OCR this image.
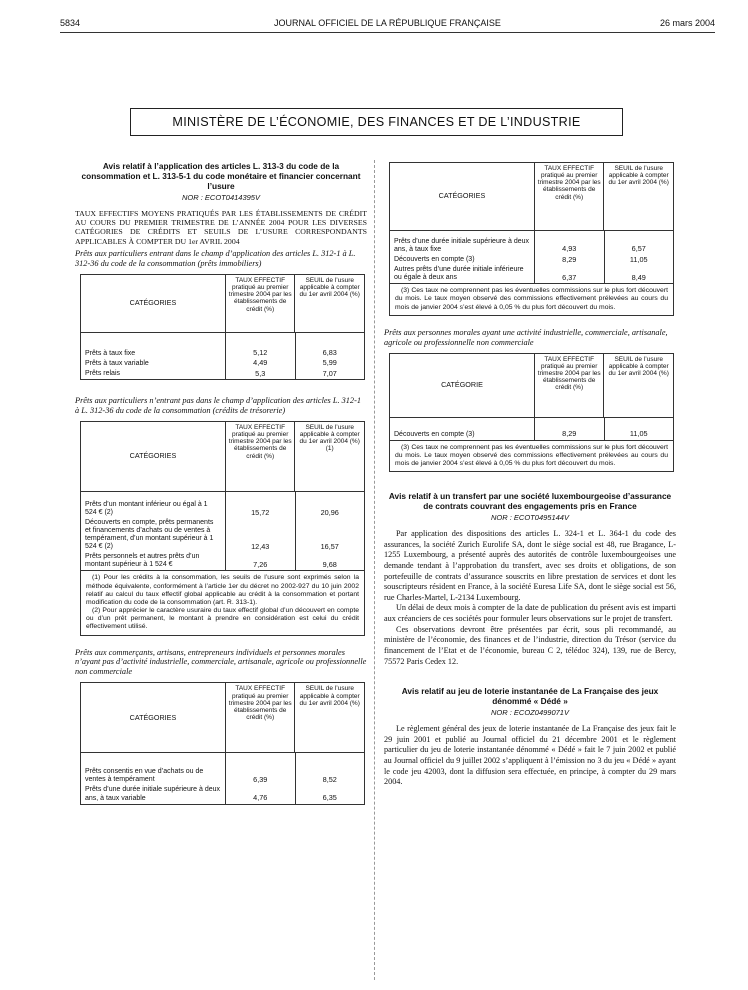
5834	JOURNAL OFFICIEL DE LA RÉPUBLIQUE FRANÇAISE	26 mars 2004
MINISTÈRE DE L’ÉCONOMIE, DES FINANCES ET DE L’INDUSTRIE
Avis relatif à l’application des articles L. 313-3 du code de la consommation et L. 313-5-1 du code monétaire et financier concernant l’usure
NOR : ECOT0414395V
TAUX EFFECTIFS MOYENS PRATIQUÉS PAR LES ÉTABLISSEMENTS DE CRÉDIT AU COURS DU PREMIER TRIMESTRE DE L’ANNÉE 2004 POUR LES DIVERSES CATÉGORIES DE CRÉDITS ET SEUILS DE L’USURE CORRESPONDANTS APPLICABLES À COMPTER DU 1er AVRIL 2004
Prêts aux particuliers entrant dans le champ d’application des articles L. 312-1 à L. 312-36 du code de la consommation (prêts immobiliers)
CATÉGORIES
TAUX EFFECTIF pratiqué au premier trimestre 2004 par les établissements de crédit (%)
SEUIL de l’usure applicable à compter du 1er avril 2004 (%)
Prêts à taux fixe	5,12	6,83
Prêts à taux variable	4,49	5,99
Prêts relais	5,3	7,07
Prêts aux particuliers n’entrant pas dans le champ d’application des articles L. 312-1 à L. 312-36 du code de la consommation (crédits de trésorerie)
CATÉGORIES
TAUX EFFECTIF pratiqué au premier trimestre 2004 par les établissements de crédit (%)
SEUIL de l’usure applicable à compter du 1er avril 2004 (%) (1)
Prêts d’un montant inférieur ou égal à 1 524 € (2)	15,72	20,96
Découverts en compte, prêts permanents et financements d’achats ou de ventes à tempérament, d’un montant supérieur à 1 524 € (2)	12,43	16,57
Prêts personnels et autres prêts d’un montant supérieur à 1 524 €	7,26	9,68

(1) Pour les crédits à la consommation, les seuils de l’usure sont exprimés selon la méthode équivalente, conformément à l’article 1er du décret no 2002-927 du 10 juin 2002 relatif au calcul du taux effectif global applicable au crédit à la consommation et portant modification du code de la consommation (art. R. 313-1).

(2) Pour apprécier le caractère usuraire du taux effectif global d’un découvert en compte ou d’un prêt permanent, le montant à prendre en considération est celui du crédit effectivement utilisé.

Prêts aux commerçants, artisans, entrepreneurs individuels et personnes morales n’ayant pas d’activité industrielle, commerciale, artisanale, agricole ou professionnelle non commerciale
CATÉGORIES
TAUX EFFECTIF pratiqué au premier trimestre 2004 par les établissements de crédit (%)
SEUIL de l’usure applicable à compter du 1er avril 2004 (%)
Prêts consentis en vue d’achats ou de ventes à tempérament	6,39	8,52
Prêts d’une durée initiale supérieure à deux ans, à taux variable	4,76	6,35
CATÉGORIES
TAUX EFFECTIF pratiqué au premier trimestre 2004 par les établissements de crédit (%)
SEUIL de l’usure applicable à compter du 1er avril 2004 (%)
Prêts d’une durée initiale supérieure à deux ans, à taux fixe	4,93	6,57
Découverts en compte (3)	8,29	11,05
Autres prêts d’une durée initiale inférieure ou égale à deux ans	6,37	8,49

(3) Ces taux ne comprennent pas les éventuelles commissions sur le plus fort découvert du mois. Le taux moyen observé des commissions effectivement prélevées au cours du mois de janvier 2004 s’est élevé à 0,05 % du plus fort découvert du mois.

Prêts aux personnes morales ayant une activité industrielle, commerciale, artisanale, agricole ou professionnelle non commerciale
CATÉGORIE
TAUX EFFECTIF pratiqué au premier trimestre 2004 par les établissements de crédit (%)
SEUIL de l’usure applicable à compter du 1er avril 2004 (%)
Découverts en compte (3)	8,29	11,05

(3) Ces taux ne comprennent pas les éventuelles commissions sur le plus fort découvert du mois. Le taux moyen observé des commissions effectivement prélevées au cours du mois de janvier 2004 s’est élevé à 0,05 % du plus fort découvert du mois.

Avis relatif à un transfert par une société luxembourgeoise d’assurance de contrats couvrant des engagements pris en France
NOR : ECOT0495144V

Par application des dispositions des articles L. 324-1 et L. 364-1 du code des assurances, la société Zurich Eurolife SA, dont le siège social est 48, rue Bragance, L-1255 Luxembourg, a présenté auprès des autorités de contrôle luxembourgeoises une demande tendant à l’approbation du transfert, avec ses droits et obligations, de son portefeuille de contrats d’assurance souscrits en libre prestation de services et dont les souscripteurs résident en France, à la société Euresa Life SA, dont le siège social est 56, rue Charles-Martel, L-2134 Luxembourg.

Un délai de deux mois à compter de la date de publication du présent avis est imparti aux créanciers de ces sociétés pour formuler leurs observations sur le projet de transfert.

Ces observations devront être présentées par écrit, sous pli recommandé, au ministère de l’économie, des finances et de l’industrie, direction du Trésor (service du financement de l’Etat et de l’économie, bureau C 2, télédoc 324), 139, rue de Bercy, 75572 Paris Cedex 12.

Avis relatif au jeu de loterie instantanée de La Française des jeux dénommé « Dédé »
NOR : ECOZ0499071V

Le règlement général des jeux de loterie instantanée de La Française des jeux fait le 29 juin 2001 et publié au Journal officiel du 21 décembre 2001 et le règlement particulier du jeu de loterie instantanée dénommé « Dédé » fait le 7 juin 2002 et publié au Journal officiel du 9 juillet 2002 s’appliquent à l’émission no 3 du jeu « Dédé » ayant le code jeu 42003, dont la diffusion sera effectuée, en principe, à compter du 29 mars 2004.
